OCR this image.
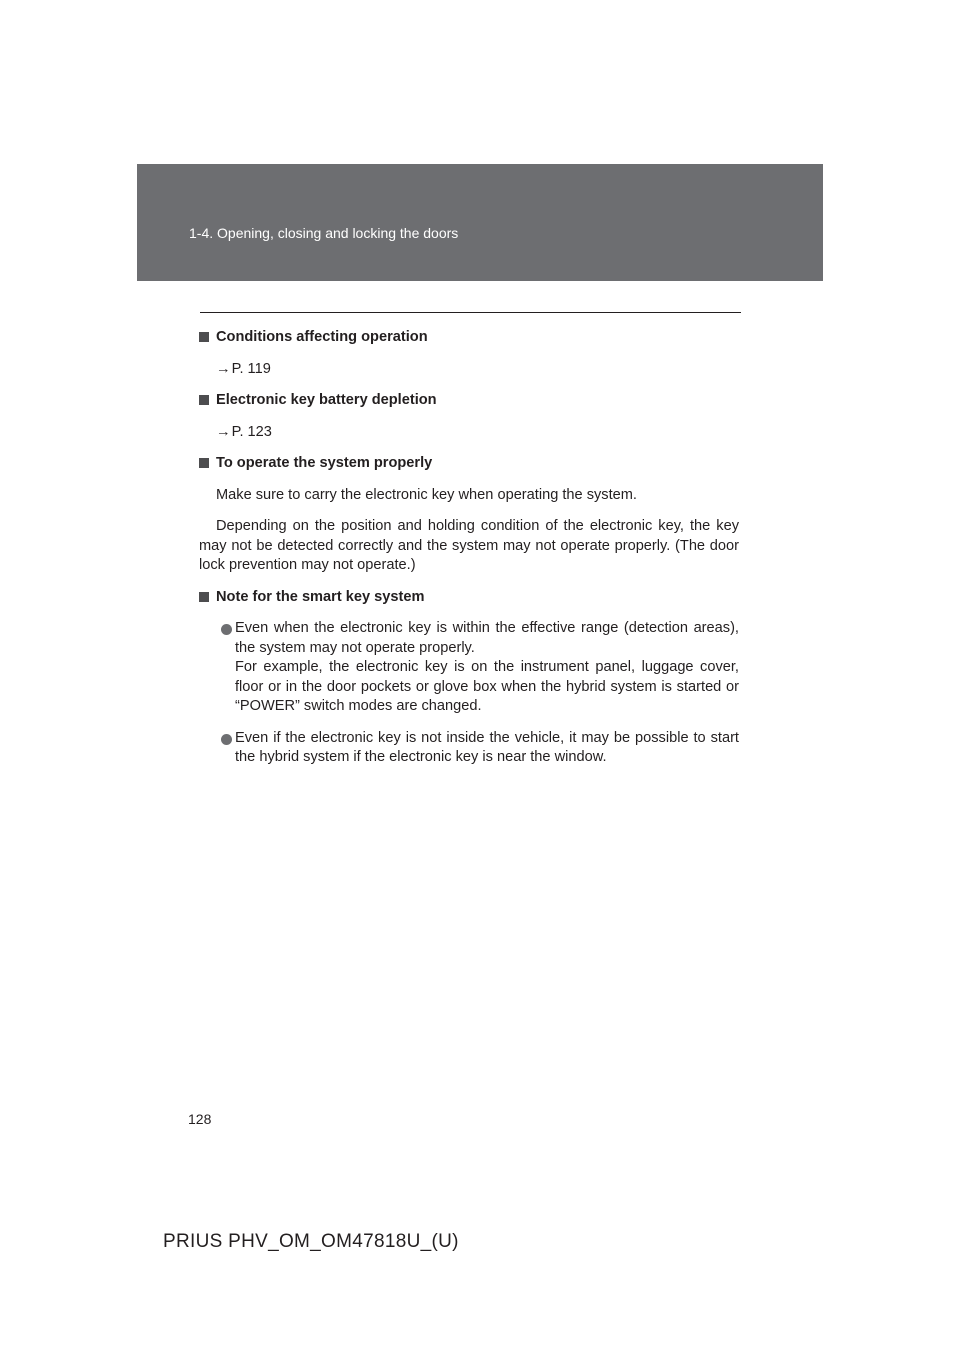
1-4. Opening, closing and locking the doors
Conditions affecting operation
→P. 119
Electronic key battery depletion
→P. 123
To operate the system properly
Make sure to carry the electronic key when operating the system.
Depending on the position and holding condition of the electronic key, the key may not be detected correctly and the system may not operate properly. (The door lock prevention may not operate.)
Note for the smart key system
Even when the electronic key is within the effective range (detection areas), the system may not operate properly.
For example, the electronic key is on the instrument panel, luggage cover, floor or in the door pockets or glove box when the hybrid system is started or “POWER” switch modes are changed.
Even if the electronic key is not inside the vehicle, it may be possible to start the hybrid system if the electronic key is near the window.
128
PRIUS PHV_OM_OM47818U_(U)
